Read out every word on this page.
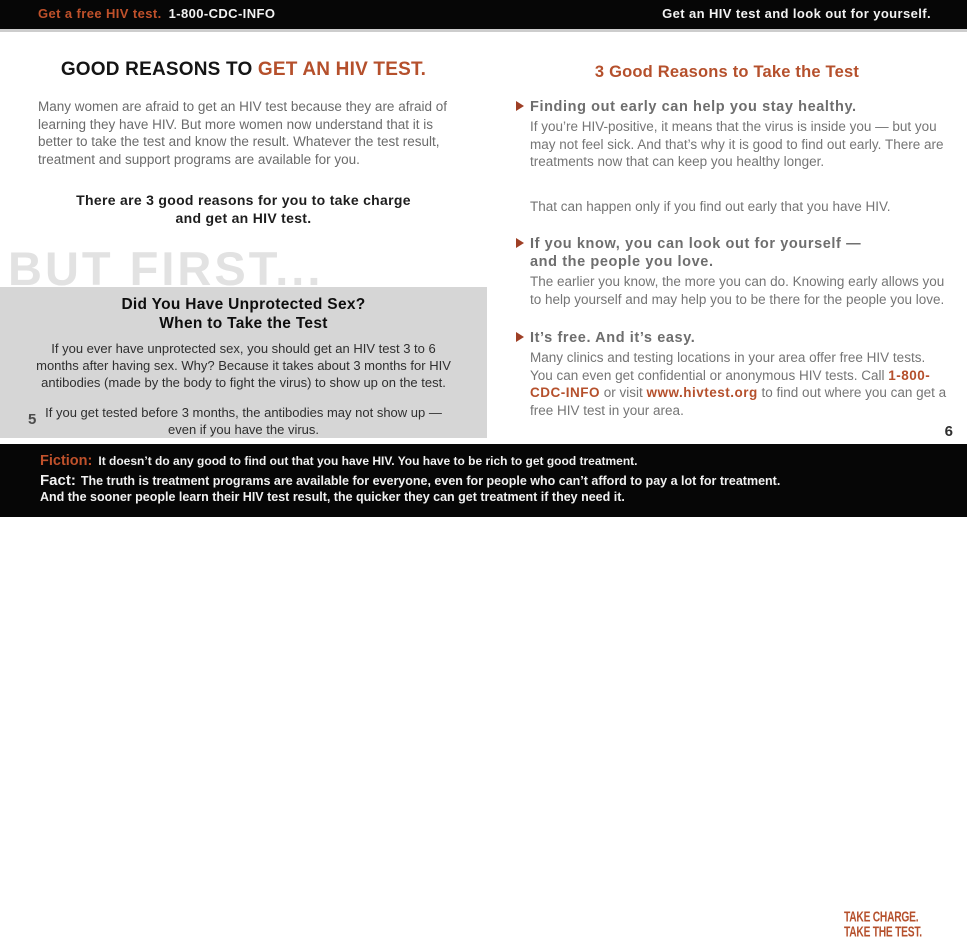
Get a free HIV test. 1-800-CDC-INFO	Get an HIV test and look out for yourself.
GOOD REASONS TO GET AN HIV TEST.

Many women are afraid to get an HIV test because they are afraid of learning they have HIV. But more women now understand that it is better to take the test and know the result. Whatever the test result, treatment and support programs are available for you.

There are 3 good reasons for you to take charge
and get an HIV test.
BUT FIRST...
Did You Have Unprotected Sex?
When to Take the Test

If you ever have unprotected sex, you should get an HIV test 3 to 6 months after having sex. Why? Because it takes about 3 months for HIV antibodies (made by the body to fight the virus) to show up on the test.

If you get tested before 3 months, the antibodies may not show up — even if you have the virus.

5
3 Good Reasons to Take the Test
Finding out early can help you stay healthy.

If you’re HIV-positive, it means that the virus is inside you — but you may not feel sick. And that’s why it is good to find out early. There are treatments now that can keep you healthy longer.

That can happen only if you find out early that you have HIV.

If you know, you can look out for yourself —
and the people you love.

The earlier you know, the more you can do. Knowing early allows you to help yourself and may help you to be there for the people you love.

It’s free. And it’s easy.

Many clinics and testing locations in your area offer free HIV tests. You can even get confidential or anonymous HIV tests. Call 1-800-CDC-INFO or visit www.hivtest.org to find out where you can get a free HIV test in your area.

6
Fiction: It doesn’t do any good to find out that you have HIV. You have to be rich to get good treatment.

Fact: The truth is treatment programs are available for everyone, even for people who can’t afford to pay a lot for treatment. And the sooner people learn their HIV test result, the quicker they can get treatment if they need it.

H V TAKE CHARGE.
TAKE THE TEST.
